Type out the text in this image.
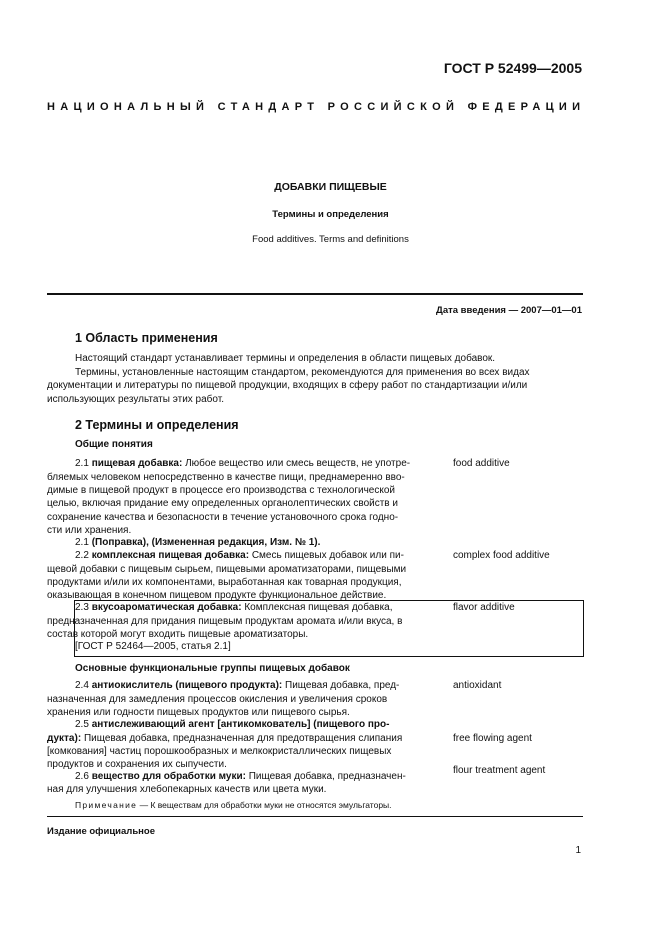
ГОСТ Р 52499—2005
НАЦИОНАЛЬНЫЙ СТАНДАРТ РОССИЙСКОЙ ФЕДЕРАЦИИ
ДОБАВКИ ПИЩЕВЫЕ
Термины и определения
Food additives. Terms and definitions
Дата введения — 2007—01—01
1 Область применения
Настоящий стандарт устанавливает термины и определения в области пищевых добавок.
Термины, установленные настоящим стандартом, рекомендуются для применения во всех видах
документации и литературы по пищевой продукции, входящих в сферу работ по стандартизации и/или
использующих результаты этих работ.
2 Термины и определения
Общие понятия
2.1 пищевая добавка: Любое вещество или смесь веществ, не употре-
бляемых человеком непосредственно в качестве пищи, преднамеренно вво-
димые в пищевой продукт в процессе его производства с технологической
целью, включая придание ему определенных органолептических свойств и
сохранение качества и безопасности в течение установочного срока годно-
сти или хранения.
food additive
2.1 (Поправка), (Измененная редакция, Изм. № 1).
2.2 комплексная пищевая добавка: Смесь пищевых добавок или пи-
щевой добавки с пищевым сырьем, пищевыми ароматизаторами, пищевыми
продуктами и/или их компонентами, выработанная как товарная продукция,
оказывающая в конечном пищевом продукте функциональное действие.
complex food additive
2.3 вкусоароматическая добавка: Комплексная пищевая добавка,
предназначенная для придания пищевым продуктам аромата и/или вкуса, в
состав которой могут входить пищевые ароматизаторы.
[ГОСТ Р 52464—2005, статья 2.1]
flavor additive
Основные функциональные группы пищевых добавок
2.4 антиокислитель (пищевого продукта): Пищевая добавка, пред-
назначенная для замедления процессов окисления и увеличения сроков
хранения или годности пищевых продуктов или пищевого сырья.
antioxidant
2.5 антислеживающий агент [антикомкователь] (пищевого про-
дукта): Пищевая добавка, предназначенная для предотвращения слипания
[комкования] частиц порошкообразных и мелкокристаллических пищевых
продуктов и сохранения их сыпучести.
free flowing agent
2.6 вещество для обработки муки: Пищевая добавка, предназначен-
ная для улучшения хлебопекарных качеств или цвета муки.
flour treatment agent
Примечание — К веществам для обработки муки не относятся эмульгаторы.
Издание официальное
1
